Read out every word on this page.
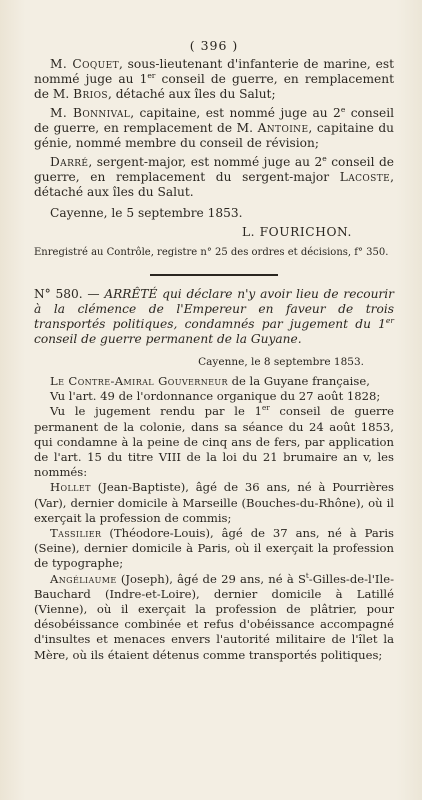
( 396 )

M. Coquet, sous-lieutenant d'infanterie de marine, est nommé juge au 1er conseil de guerre, en remplacement de M. Brios, détaché aux îles du Salut;

M. Bonnival, capitaine, est nommé juge au 2e conseil de guerre, en remplacement de M. Antoine, capitaine du génie, nommé membre du conseil de révision;

Darré, sergent-major, est nommé juge au 2e conseil de guerre, en remplacement du sergent-major Lacoste, détaché aux îles du Salut.

Cayenne, le 5 septembre 1853.

L. FOURICHON.

Enregistré au Contrôle, registre n° 25 des ordres et décisions, f° 350.

N° 580. — ARRÊTÉ qui déclare n'y avoir lieu de recourir à la clémence de l'Empereur en faveur de trois transportés politiques, condamnés par jugement du 1er conseil de guerre permanent de la Guyane.

Cayenne, le 8 septembre 1853.

Le Contre-Amiral Gouverneur de la Guyane française,

Vu l'art. 49 de l'ordonnance organique du 27 août 1828;

Vu le jugement rendu par le 1er conseil de guerre permanent de la colonie, dans sa séance du 24 août 1853, qui condamne à la peine de cinq ans de fers, par application de l'art. 15 du titre VIII de la loi du 21 brumaire an v, les nommés:

Hollet (Jean-Baptiste), âgé de 36 ans, né à Pourrières (Var), dernier domicile à Marseille (Bouches-du-Rhône), où il exerçait la profession de commis;

Tassilier (Théodore-Louis), âgé de 37 ans, né à Paris (Seine), dernier domicile à Paris, où il exerçait la profession de typographe;

Angéliaume (Joseph), âgé de 29 ans, né à $S^t-Gilles-de-l'Ile$-Bauchard (Indre-et-Loire), dernier domicile à Latillé (Vienne), où il exerçait la profession de plâtrier, pour désobéissance combinée et refus d'obéissance accompagné d'insultes et menaces envers l'autorité militaire de l'îlet la Mère, où ils étaient détenus comme transportés politiques;
